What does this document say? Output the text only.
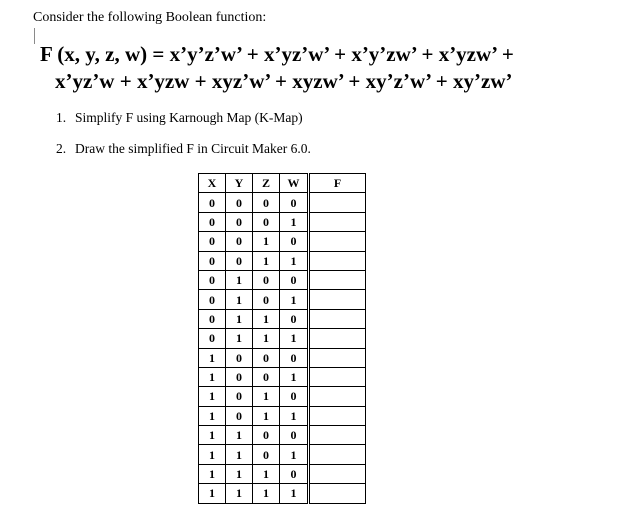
Consider the following Boolean function:
F (x, y, z, w) = x’y’z’w’ + x’yz’w’ + x’y’zw’ + x’yzw’ +
x’yz’w + x’yzw + xyz’w’ + xyzw’ + xy’z’w’ + xy’zw’
1. Simplify F using Karnough Map (K-Map)
2. Draw the simplified F in Circuit Maker 6.0.
X	Y	Z	W	F
0	0	0	0	
0	0	0	1	
0	0	1	0	
0	0	1	1	
0	1	0	0	
0	1	0	1	
0	1	1	0	
0	1	1	1	
1	0	0	0	
1	0	0	1	
1	0	1	0	
1	0	1	1	
1	1	0	0	
1	1	0	1	
1	1	1	0	
1	1	1	1	
